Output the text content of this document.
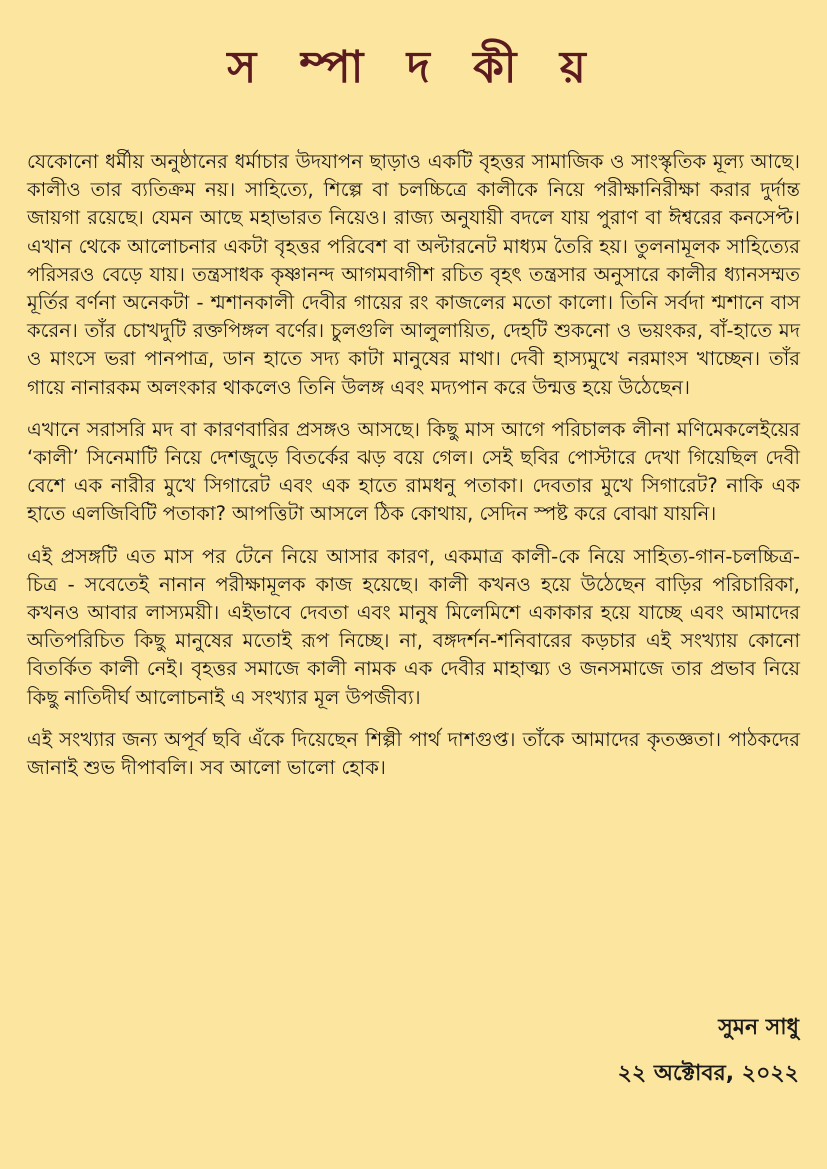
স ম্পা দ কী য়

যেকোনো ধর্মীয় অনুষ্ঠানের ধর্মাচার উদযাপন ছাড়াও একটি বৃহত্তর সামাজিক ও সাংস্কৃতিক মূল্য আছে। কালীও তার ব্যতিক্রম নয়। সাহিত্যে, শিল্পে বা চলচ্চিত্রে কালীকে নিয়ে পরীক্ষানিরীক্ষা করার দুর্দান্ত জায়গা রয়েছে। যেমন আছে মহাভারত নিয়েও। রাজ্য অনুযায়ী বদলে যায় পুরাণ বা ঈশ্বরের কনসেপ্ট। এখান থেকে আলোচনার একটা বৃহত্তর পরিবেশ বা অল্টারনেট মাধ্যম তৈরি হয়। তুলনামূলক সাহিত্যের পরিসরও বেড়ে যায়। তন্ত্রসাধক কৃষ্ণানন্দ আগমবাগীশ রচিত বৃহৎ তন্ত্রসার অনুসারে কালীর ধ্যানসম্মত মূর্তির বর্ণনা অনেকটা - শ্মশানকালী দেবীর গায়ের রং কাজলের মতো কালো। তিনি সর্বদা শ্মশানে বাস করেন। তাঁর চোখদুটি রক্তপিঙ্গল বর্ণের। চুলগুলি আলুলায়িত, দেহটি শুকনো ও ভয়ংকর, বাঁ-হাতে মদ ও মাংসে ভরা পানপাত্র, ডান হাতে সদ্য কাটা মানুষের মাথা। দেবী হাস্যমুখে নরমাংস খাচ্ছেন। তাঁর গায়ে নানারকম অলংকার থাকলেও তিনি উলঙ্গ এবং মদ্যপান করে উন্মত্ত হয়ে উঠেছেন।

এখানে সরাসরি মদ বা কারণবারির প্রসঙ্গও আসছে। কিছু মাস আগে পরিচালক লীনা মণিমেকলেইয়ের ‘কালী’ সিনেমাটি নিয়ে দেশজুড়ে বিতর্কের ঝড় বয়ে গেল। সেই ছবির পোস্টারে দেখা গিয়েছিল দেবী বেশে এক নারীর মুখে সিগারেট এবং এক হাতে রামধনু পতাকা। দেবতার মুখে সিগারেট? নাকি এক হাতে এলজিবিটি পতাকা? আপত্তিটা আসলে ঠিক কোথায়, সেদিন স্পষ্ট করে বোঝা যায়নি।

এই প্রসঙ্গটি এত মাস পর টেনে নিয়ে আসার কারণ, একমাত্র কালী-কে নিয়ে সাহিত্য-গান-চলচ্চিত্র-চিত্র - সবেতেই নানান পরীক্ষামূলক কাজ হয়েছে। কালী কখনও হয়ে উঠেছেন বাড়ির পরিচারিকা, কখনও আবার লাস্যময়ী। এইভাবে দেবতা এবং মানুষ মিলেমিশে একাকার হয়ে যাচ্ছে এবং আমাদের অতিপরিচিত কিছু মানুষের মতোই রূপ নিচ্ছে। না, বঙ্গদর্শন-শনিবারের কড়চার এই সংখ্যায় কোনো বিতর্কিত কালী নেই। বৃহত্তর সমাজে কালী নামক এক দেবীর মাহাত্ম্য ও জনসমাজে তার প্রভাব নিয়ে কিছু নাতিদীর্ঘ আলোচনাই এ সংখ্যার মূল উপজীব্য।

এই সংখ্যার জন্য অপূর্ব ছবি এঁকে দিয়েছেন শিল্পী পার্থ দাশগুপ্ত। তাঁকে আমাদের কৃতজ্ঞতা। পাঠকদের জানাই শুভ দীপাবলি। সব আলো ভালো হোক।

সুমন সাধু
২২ অক্টোবর, ২০২২
